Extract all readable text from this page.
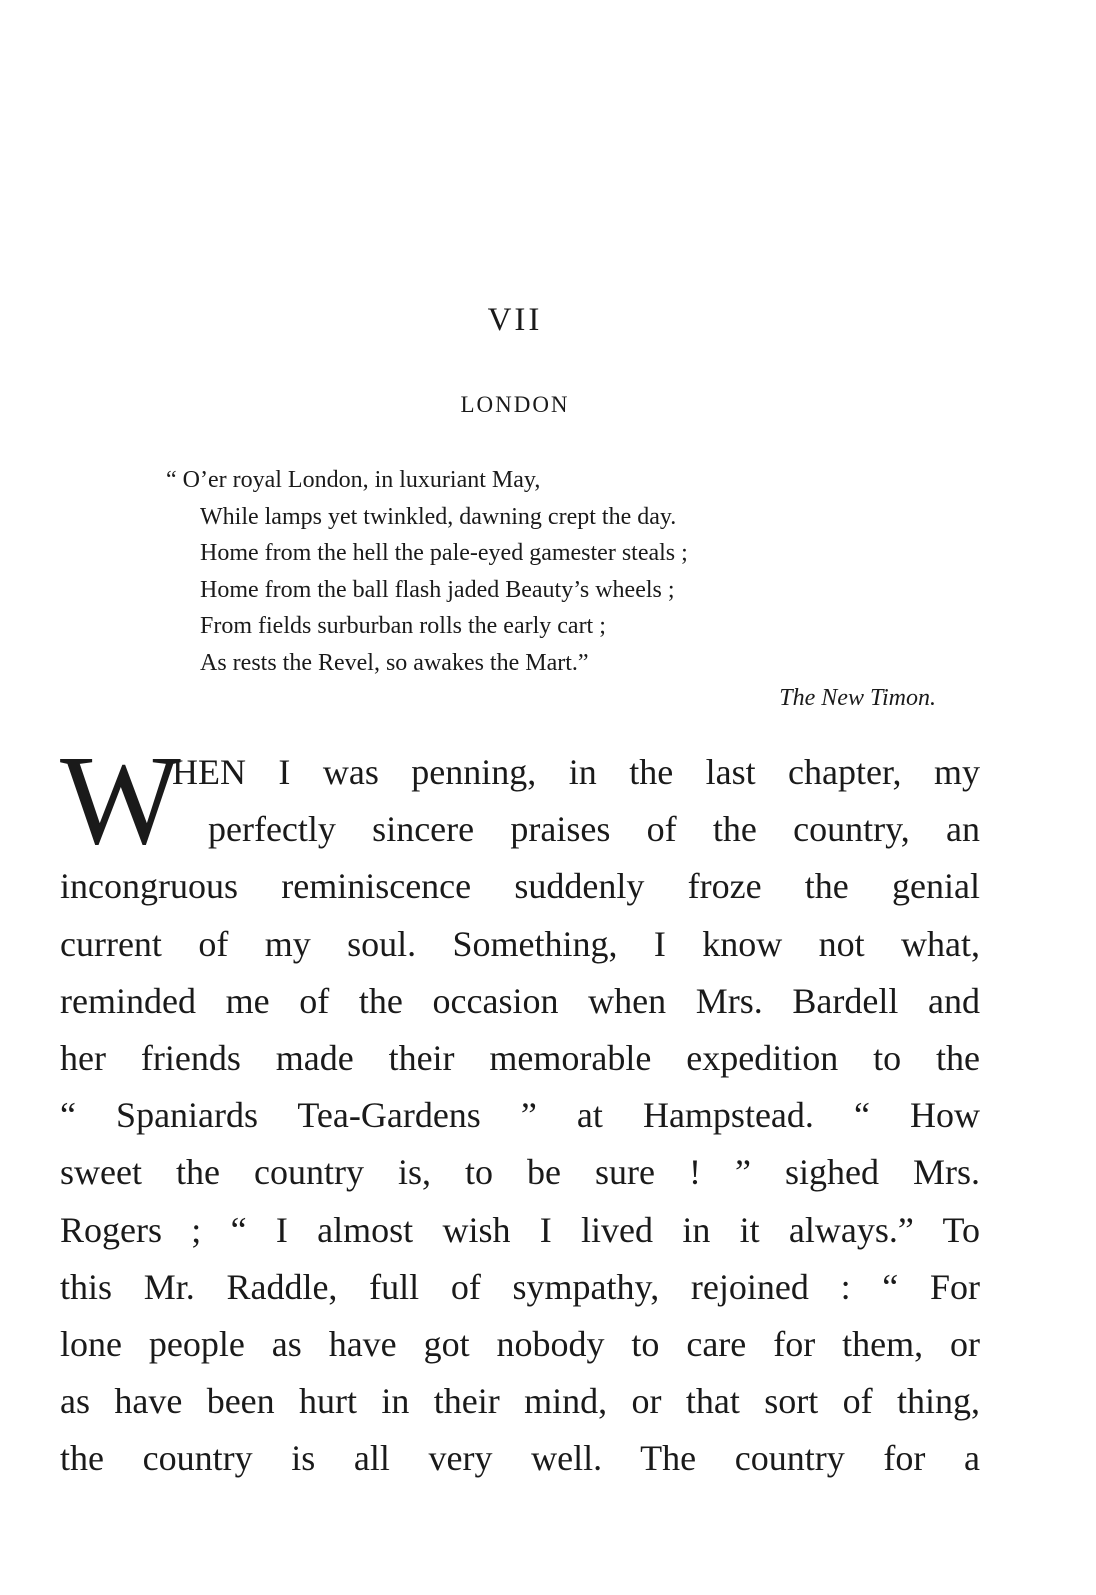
VII
LONDON
“ O’er royal London, in luxuriant May,
While lamps yet twinkled, dawning crept the day.
Home from the hell the pale-eyed gamester steals ;
Home from the ball flash jaded Beauty’s wheels ;
From fields surburban rolls the early cart ;
As rests the Revel, so awakes the Mart.”
The New Timon.
W
HEN I was penning, in the last chapter, my
perfectly sincere praises of the country, an
incongruous reminiscence suddenly froze the genial
current of my soul. Something, I know not what,
reminded me of the occasion when Mrs. Bardell and
her friends made their memorable expedition to the
“ Spaniards Tea-Gardens ” at Hampstead. “ How
sweet the country is, to be sure ! ” sighed Mrs.
Rogers ; “ I almost wish I lived in it always.” To
this Mr. Raddle, full of sympathy, rejoined : “ For
lone people as have got nobody to care for them, or
as have been hurt in their mind, or that sort of thing,
the country is all very well. The country for a
